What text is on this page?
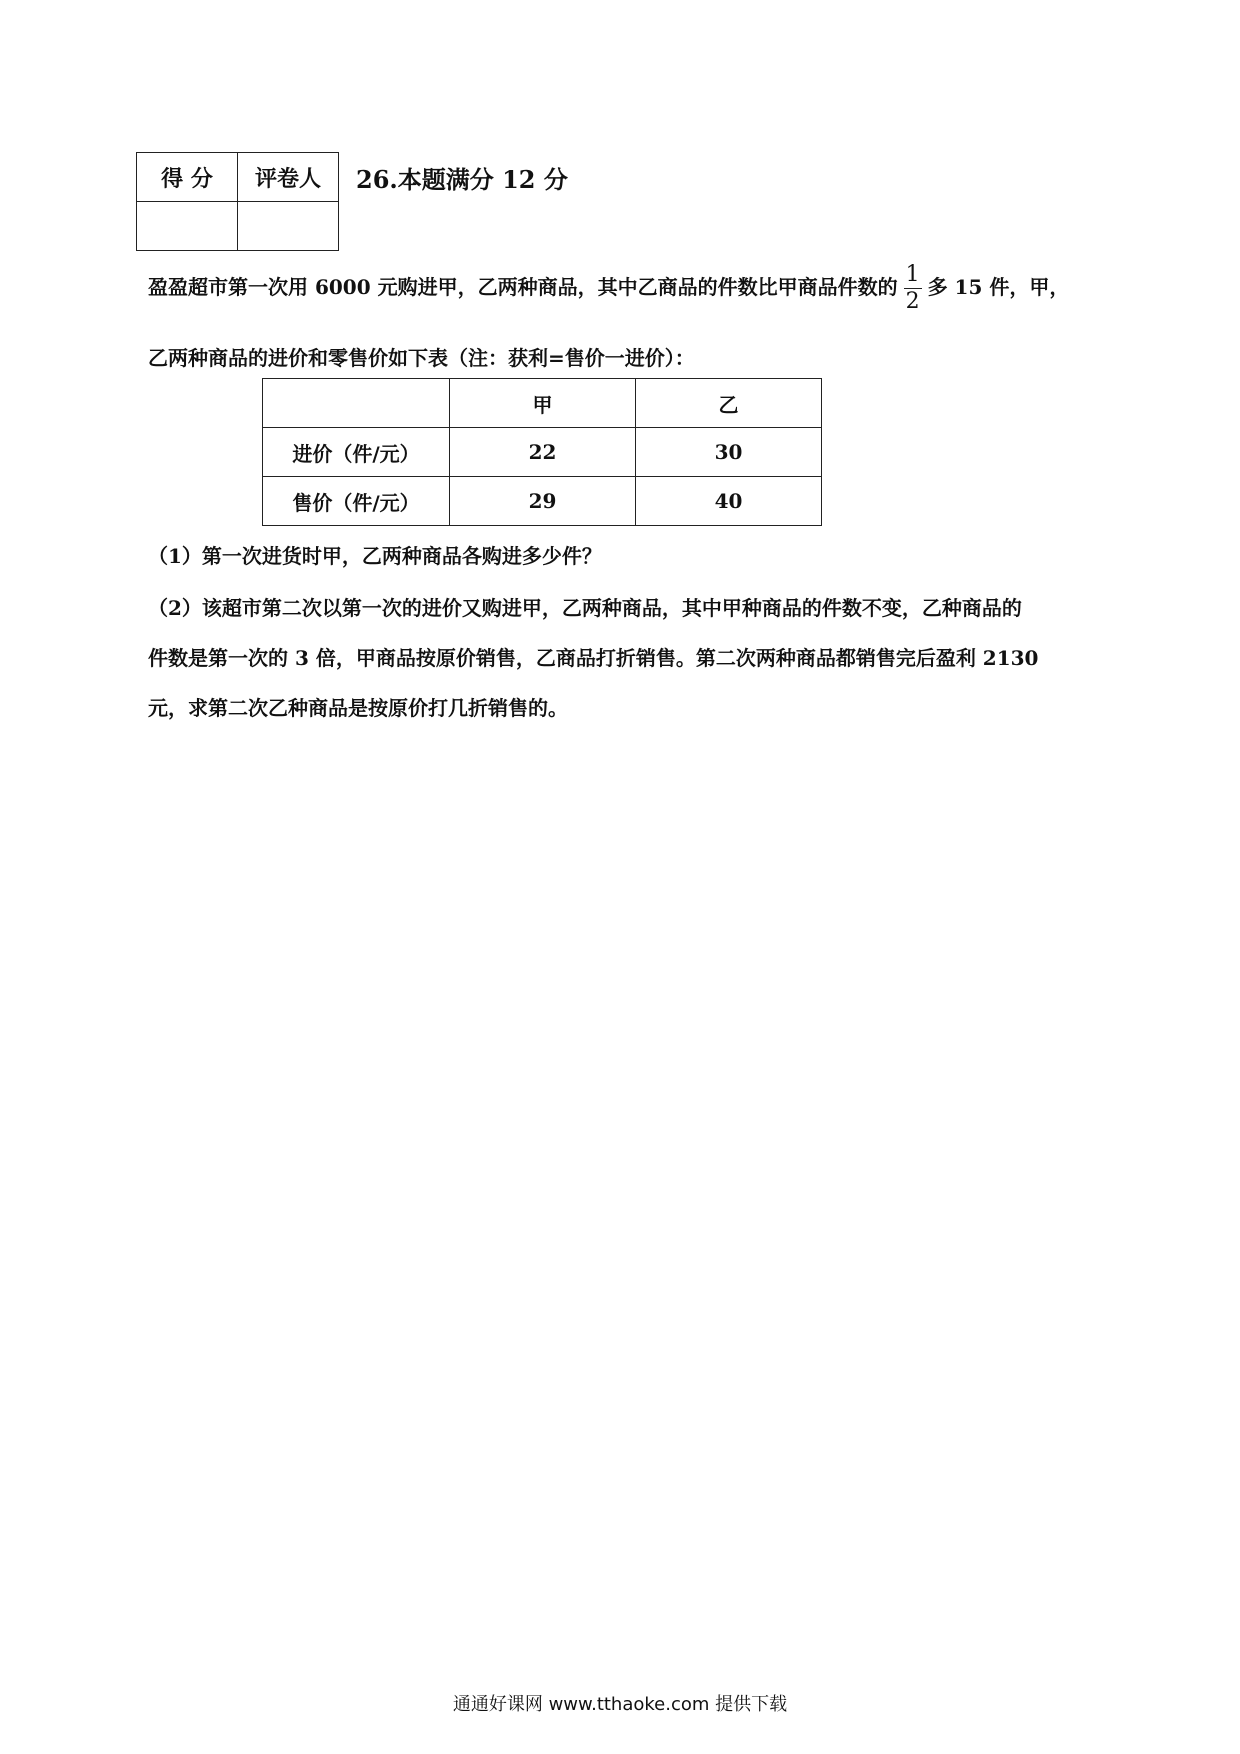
得 分	评卷人
	26.本题满分 12 分
盈盈超市第一次用 6000 元购进甲，乙两种商品，其中乙商品的件数比甲商品件数的 $\frac{1}{2}$ 多 15 件，甲，
乙两种商品的进价和零售价如下表（注：获利=售价一进价）：
	甲	乙
进价（件/元）	22	30
售价（件/元）	29	40
（1）第一次进货时甲，乙两种商品各购进多少件？
（2）该超市第二次以第一次的进价又购进甲，乙两种商品，其中甲种商品的件数不变，乙种商品的
件数是第一次的 3 倍，甲商品按原价销售，乙商品打折销售。第二次两种商品都销售完后盈利 2130
元，求第二次乙种商品是按原价打几折销售的。
通通好课网 www.tthaoke.com 提供下载
